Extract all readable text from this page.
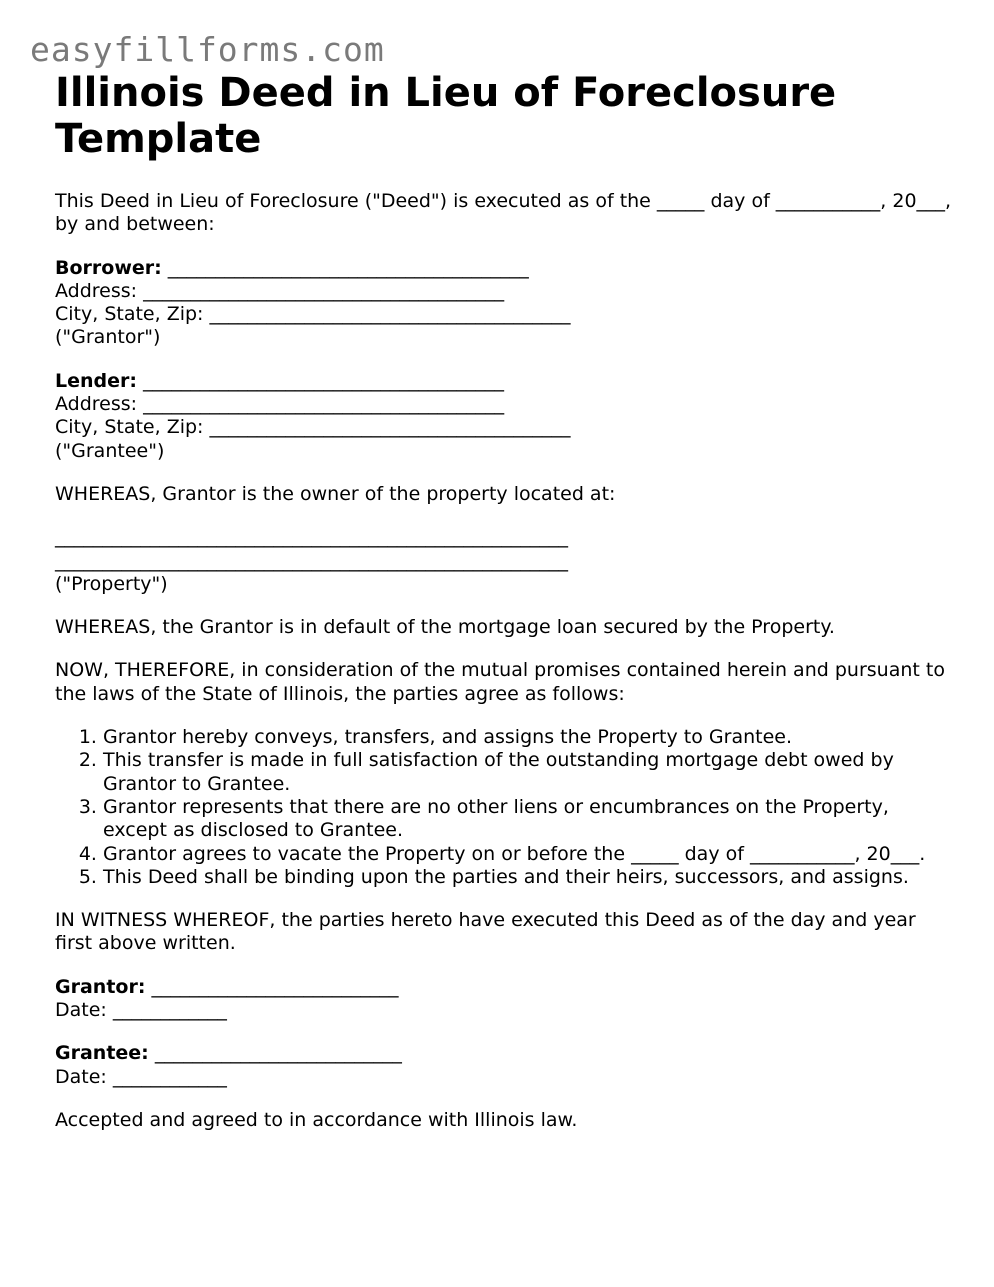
easyfillforms.com
Illinois Deed in Lieu of Foreclosure Template

This Deed in Lieu of Foreclosure ("Deed") is executed as of the _____ day of ___________, 20___, by and between:

Borrower: ______________________________________
Address: ______________________________________
City, State, Zip: ______________________________________
("Grantor")
Lender: ______________________________________
Address: ______________________________________
City, State, Zip: ______________________________________
("Grantee")

WHEREAS, Grantor is the owner of the property located at:

______________________________________________________
______________________________________________________
("Property")

WHEREAS, the Grantor is in default of the mortgage loan secured by the Property.

NOW, THEREFORE, in consideration of the mutual promises contained herein and pursuant to the laws of the State of Illinois, the parties agree as follows:

1. Grantor hereby conveys, transfers, and assigns the Property to Grantee.
2. This transfer is made in full satisfaction of the outstanding mortgage debt owed by Grantor to Grantee.
3. Grantor represents that there are no other liens or encumbrances on the Property, except as disclosed to Grantee.
4. Grantor agrees to vacate the Property on or before the _____ day of ___________, 20___.
5. This Deed shall be binding upon the parties and their heirs, successors, and assigns.

IN WITNESS WHEREOF, the parties hereto have executed this Deed as of the day and year first above written.

Grantor: __________________________
Date: ____________
Grantee: __________________________
Date: ____________

Accepted and agreed to in accordance with Illinois law.
